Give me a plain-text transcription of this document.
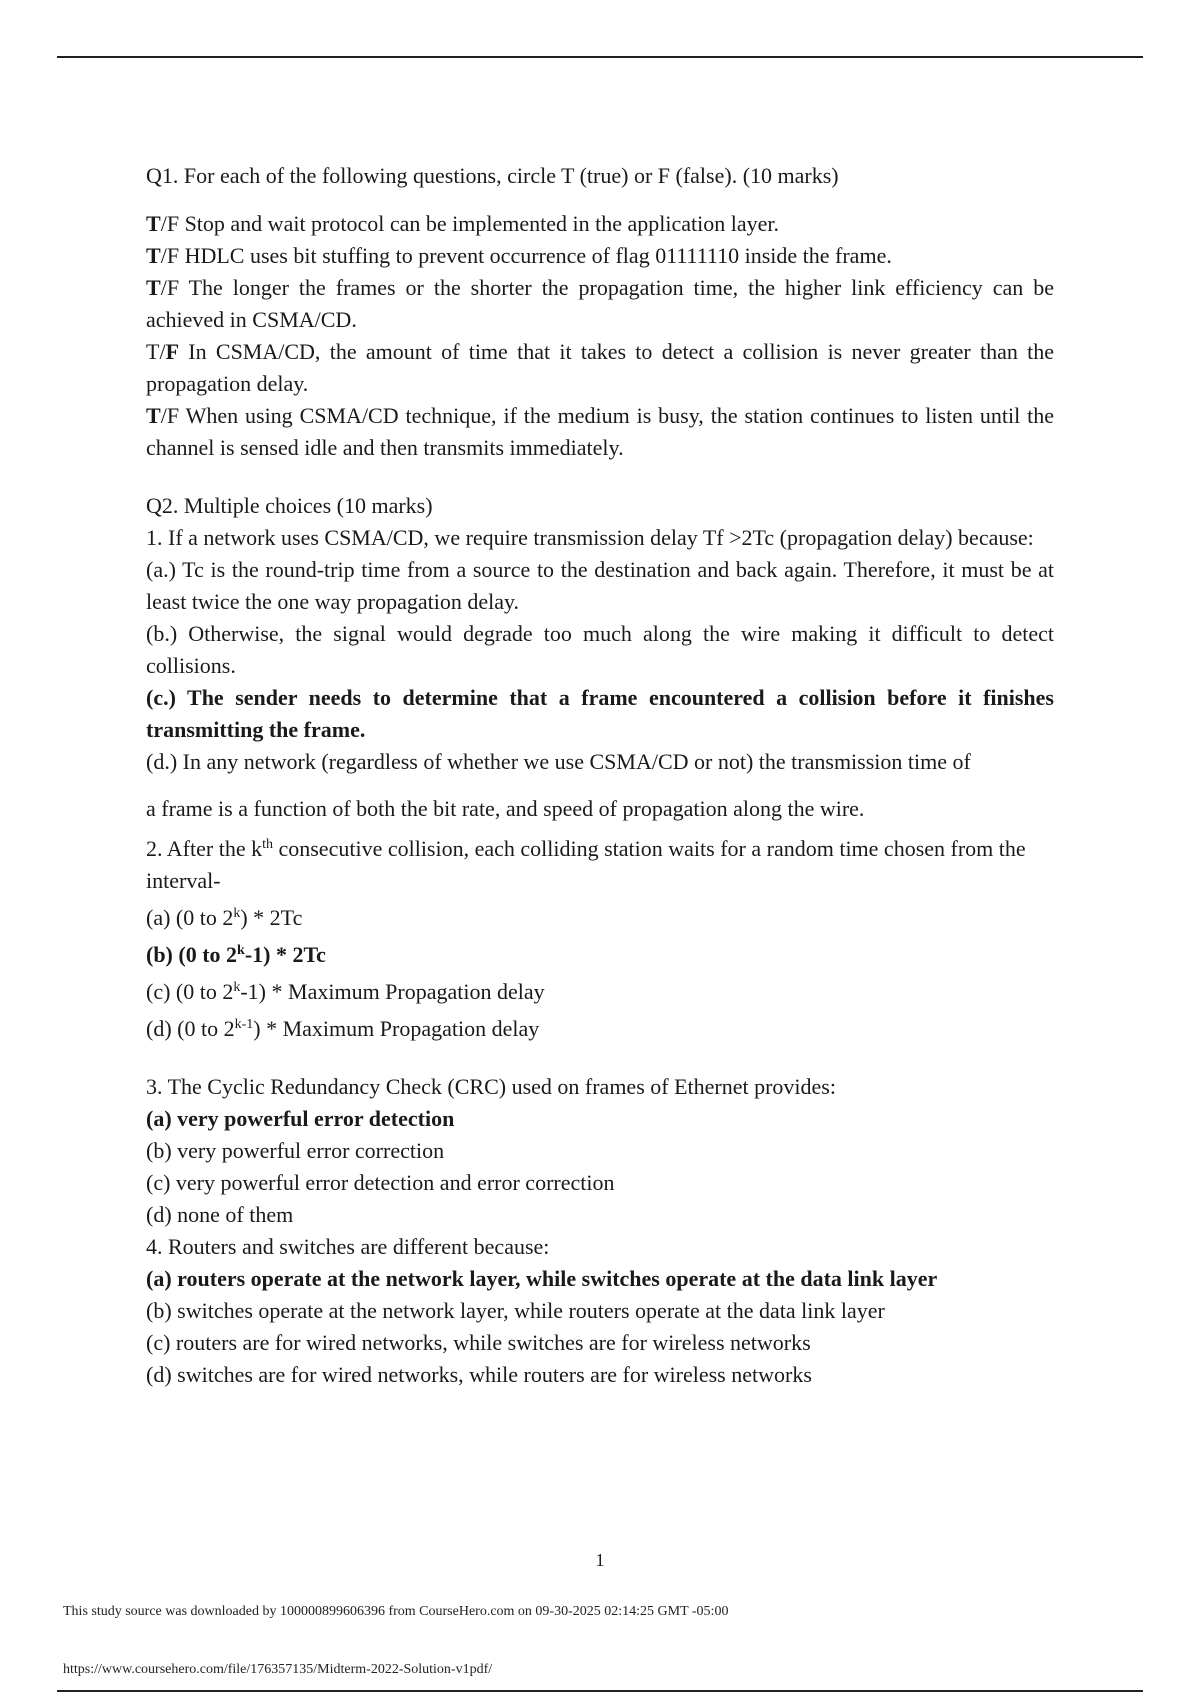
Q1. For each of the following questions, circle T (true) or F (false). (10 marks)

T/F Stop and wait protocol can be implemented in the application layer.

T/F HDLC uses bit stuffing to prevent occurrence of flag 01111110 inside the frame.

T/F The longer the frames or the shorter the propagation time, the higher link efficiency can be achieved in CSMA/CD.

T/F In CSMA/CD, the amount of time that it takes to detect a collision is never greater than the propagation delay.

T/F When using CSMA/CD technique, if the medium is busy, the station continues to listen until the channel is sensed idle and then transmits immediately.

Q2. Multiple choices (10 marks)

1. If a network uses CSMA/CD, we require transmission delay Tf >2Tc (propagation delay) because:

(a.) Tc is the round-trip time from a source to the destination and back again. Therefore, it must be at least twice the one way propagation delay.

(b.) Otherwise, the signal would degrade too much along the wire making it difficult to detect collisions.

(c.) The sender needs to determine that a frame encountered a collision before it finishes transmitting the frame.

(d.) In any network (regardless of whether we use CSMA/CD or not) the transmission time of

a frame is a function of both the bit rate, and speed of propagation along the wire.

2. After the $k^{th}$ consecutive collision, each colliding station waits for a random time chosen from the interval-

(a) (0 to 2$^k$) * 2Tc

(b) (0 to 2$^k$-1) * 2Tc

(c) (0 to 2$^k$-1) * Maximum Propagation delay

(d) (0 to 2$^{k-1}$) * Maximum Propagation delay

3. The Cyclic Redundancy Check (CRC) used on frames of Ethernet provides:

(a) very powerful error detection

(b) very powerful error correction

(c) very powerful error detection and error correction

(d) none of them

4. Routers and switches are different because:

(a) routers operate at the network layer, while switches operate at the data link layer

(b) switches operate at the network layer, while routers operate at the data link layer

(c) routers are for wired networks, while switches are for wireless networks

(d) switches are for wired networks, while routers are for wireless networks

1
This study source was downloaded by 100000899606396 from CourseHero.com on 09-30-2025 02:14:25 GMT -05:00
https://www.coursehero.com/file/176357135/Midterm-2022-Solution-v1pdf/
